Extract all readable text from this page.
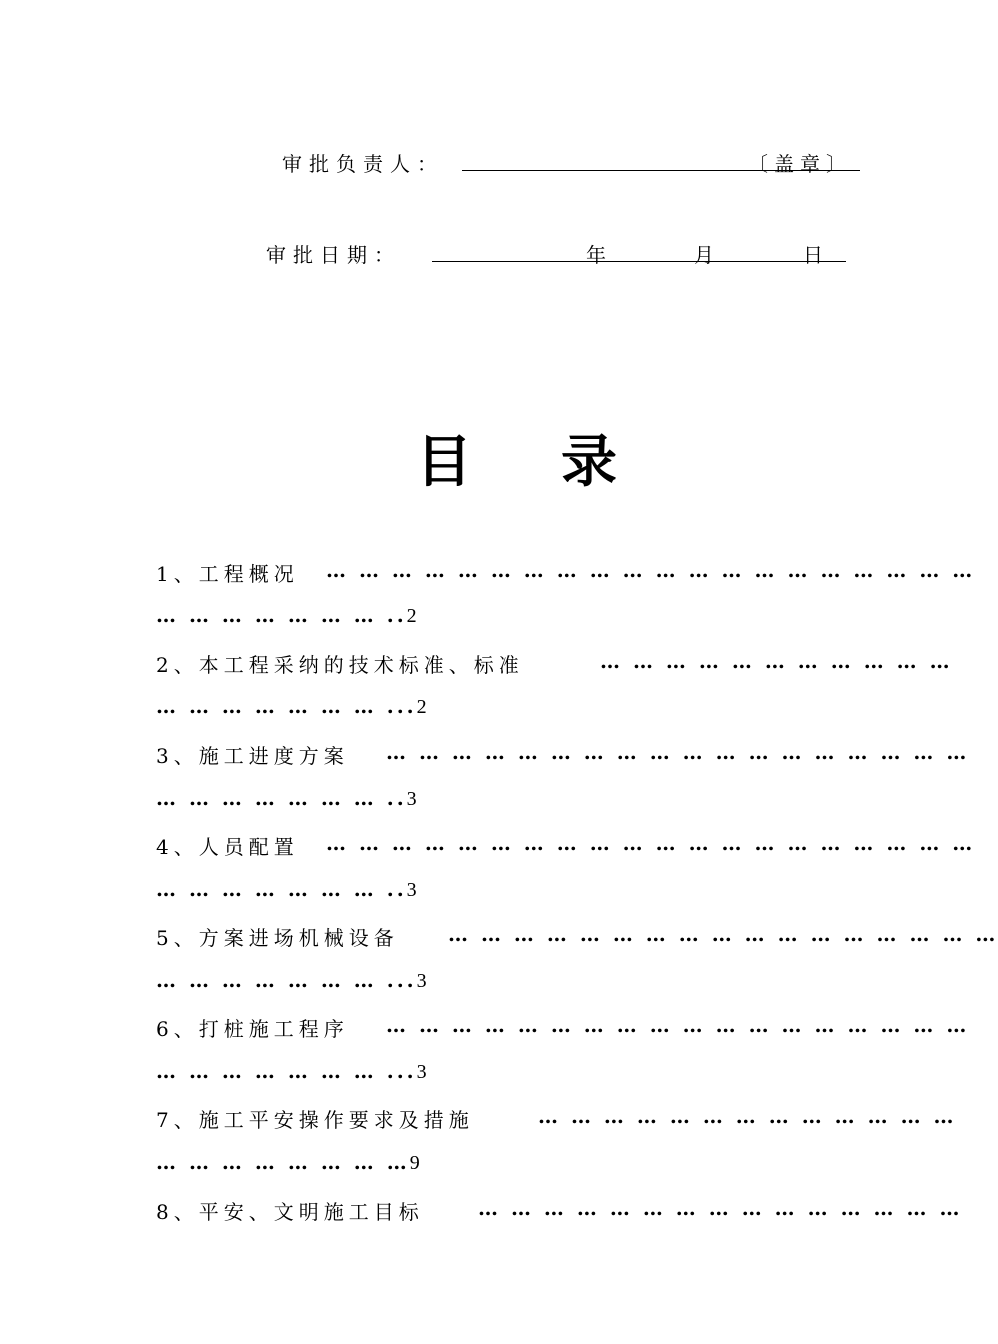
审批负责人：	〔盖章〕
审批日期：	年	月	日
目 录
1、工程概况 … … … … … … … … … … … … … … … … … … … …
… … … … … … … ..2
2、本工程采纳的技术标准、标准	… … … … … … … … … … …
… … … … … … … ...2
3、施工进度方案 … … … … … … … … … … … … … … … … … …
… … … … … … … ..3
4、人员配置 … … … … … … … … … … … … … … … … … … … …
… … … … … … … ..3
5、方案进场机械设备 … … … … … … … … … … … … … … … … …
… … … … … … … ...3
6、打桩施工程序 … … … … … … … … … … … … … … … … … …
… … … … … … … ...3
7、施工平安操作要求及措施	… … … … … … … … … … … … …
… … … … … … … …9
8、平安、文明施工目标	… … … … … … … … … … … … … … …
